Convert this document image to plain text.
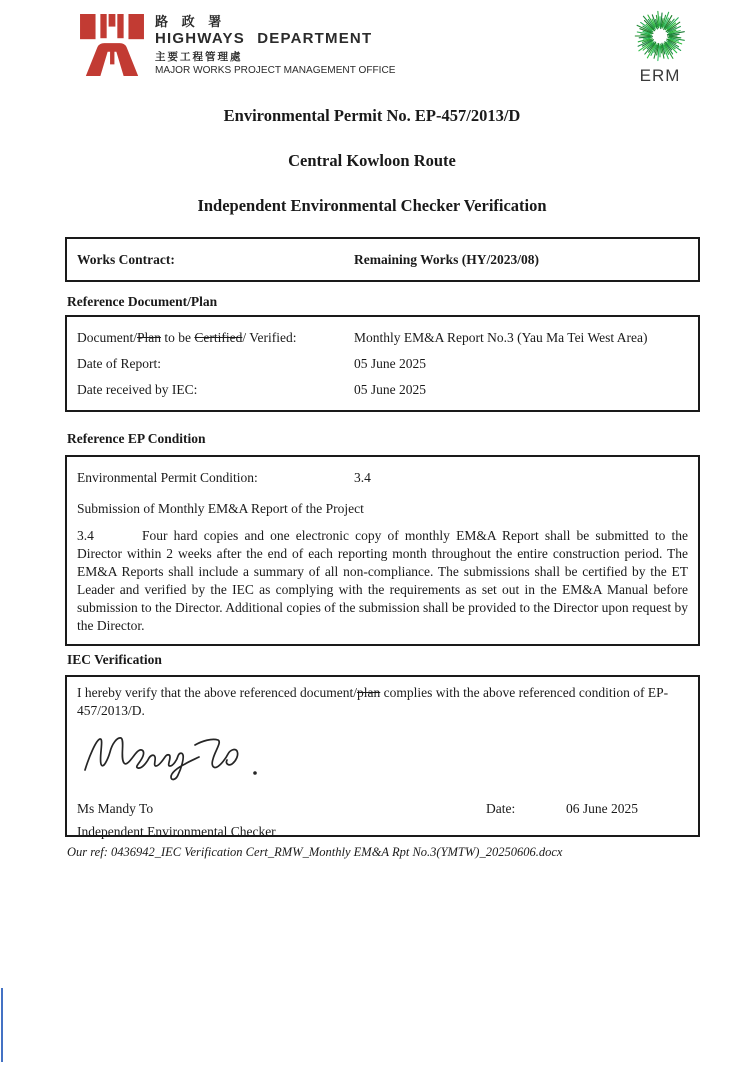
路 政 署
HIGHWAYS DEPARTMENT
主要工程管理處
MAJOR WORKS PROJECT MANAGEMENT OFFICE	ERM
Environmental Permit No. EP-457/2013/D
Central Kowloon Route
Independent Environmental Checker Verification
Works Contract:	Remaining Works (HY/2023/08)
Reference Document/Plan
Document/Plan to be Certified/ Verified:	Monthly EM&A Report No.3 (Yau Ma Tei West Area)
Date of Report:	05 June 2025
Date received by IEC:	05 June 2025
Reference EP Condition
Environmental Permit Condition:	3.4
Submission of Monthly EM&A Report of the Project
3.4	Four hard copies and one electronic copy of monthly EM&A Report shall be submitted to the Director within 2 weeks after the end of each reporting month throughout the entire construction period. The EM&A Reports shall include a summary of all non-compliance. The submissions shall be certified by the ET Leader and verified by the IEC as complying with the requirements as set out in the EM&A Manual before submission to the Director. Additional copies of the submission shall be provided to the Director upon request by the Director.
IEC Verification
I hereby verify that the above referenced document/plan complies with the above referenced condition of EP-457/2013/D.
Ms Mandy To	Date:	06 June 2025
Independent Environmental Checker
Our ref: 0436942_IEC Verification Cert_RMW_Monthly EM&A Rpt No.3(YMTW)_20250606.docx
